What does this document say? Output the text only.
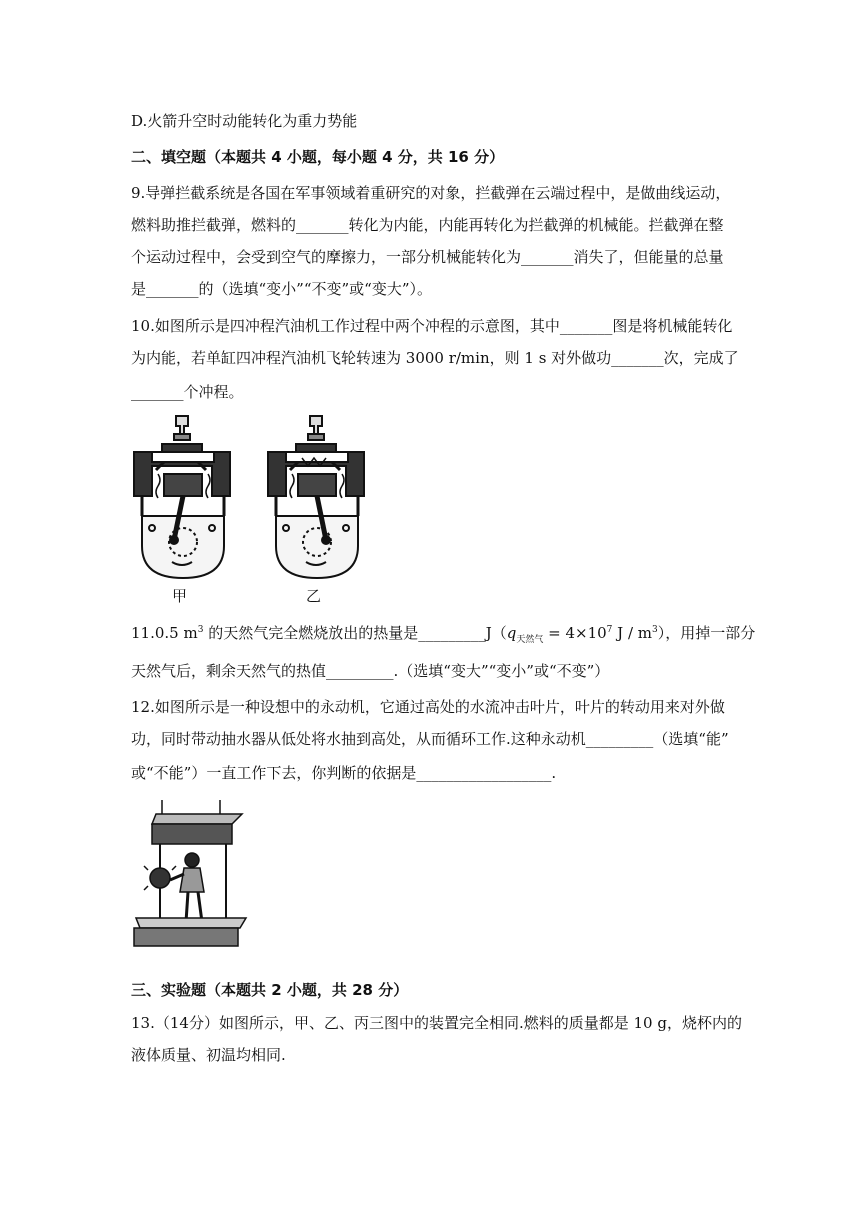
D.火箭升空时动能转化为重力势能
二、填空题（本题共 4 小题，每小题 4 分，共 16 分）
9.导弹拦截系统是各国在军事领域着重研究的对象，拦截弹在云端过程中，是做曲线运动，
燃料助推拦截弹，燃料的_______转化为内能，内能再转化为拦截弹的机械能。拦截弹在整
个运动过程中，会受到空气的摩擦力，一部分机械能转化为_______消失了，但能量的总量
是_______的（选填“变小”“不变”或“变大”）。
10.如图所示是四冲程汽油机工作过程中两个冲程的示意图，其中_______图是将机械能转化
为内能，若单缸四冲程汽油机飞轮转速为 3000 r/min，则 1 s 对外做功_______次，完成了
_______个冲程。
甲	乙
11.0.5 $m^3$ 的天然气完全燃烧放出的热量是$\_\_\_\_\_\_\_\_\_J(q_{天然气} = 4\times 10^7$ J / $m^3$），用掉一部分
天然气后，剩余天然气的热值_________.（选填“变大”“变小”或“不变”）
12.如图所示是一种设想中的永动机，它通过高处的水流冲击叶片，叶片的转动用来对外做
功，同时带动抽水器从低处将水抽到高处，从而循环工作.这种永动机_________（选填“能”
或“不能”）一直工作下去，你判断的依据是__________________.
三、实验题（本题共 2 小题，共 28 分）
13.（14分）如图所示，甲、乙、丙三图中的装置完全相同.燃料的质量都是 10 g，烧杯内的
液体质量、初温均相同.
